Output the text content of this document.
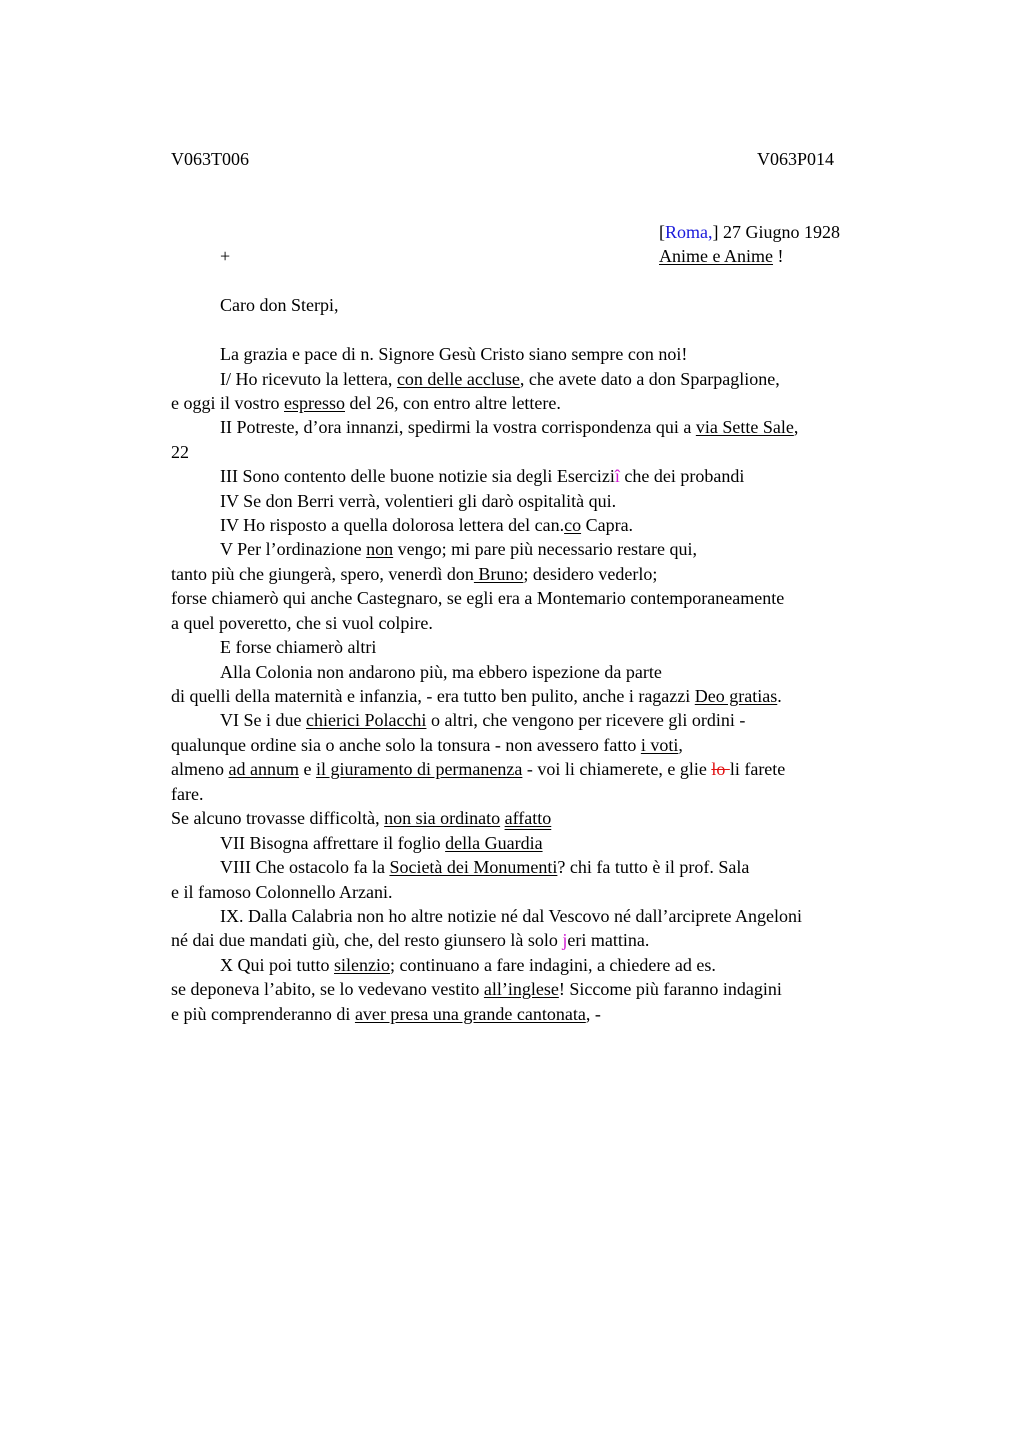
V063T006	V063P014
[Roma,] 27 Giugno 1928
+	Anime e Anime !
Caro don Sterpi,
La grazia e pace di n. Signore Gesù Cristo siano sempre con noi!
I/ Ho ricevuto la lettera, con delle accluse, che avete dato a don Sparpaglione,
e oggi il vostro espresso del 26, con entro altre lettere.
II Potreste, d’ora innanzi, spedirmi la vostra corrispondenza qui a via Sette Sale,
22
III Sono contento delle buone notizie sia degli Eserciziî che dei probandi
IV Se don Berri verrà, volentieri gli darò ospitalità qui.
IV Ho risposto a quella dolorosa lettera del can.co Capra.
V Per l’ordinazione non vengo; mi pare più necessario restare qui,
tanto più che giungerà, spero, venerdì don Bruno; desidero vederlo;
forse chiamerò qui anche Castegnaro, se egli era a Montemario contemporaneamente
a quel poveretto, che si vuol colpire.
E forse chiamerò altri
Alla Colonia non andarono più, ma ebbero ispezione da parte
di quelli della maternità e infanzia, - era tutto ben pulito, anche i ragazzi Deo gratias.
VI Se i due chierici Polacchi o altri, che vengono per ricevere gli ordini -
qualunque ordine sia o anche solo la tonsura - non avessero fatto i voti,
almeno ad annum e il giuramento di permanenza - voi li chiamerete, e glie lo li farete
fare.
Se alcuno trovasse difficoltà, non sia ordinato affatto
VII Bisogna affrettare il foglio della Guardia
VIII Che ostacolo fa la Società dei Monumenti? chi fa tutto è il prof. Sala
e il famoso Colonnello Arzani.
IX. Dalla Calabria non ho altre notizie né dal Vescovo né dall’arciprete Angeloni
né dai due mandati giù, che, del resto giunsero là solo jeri mattina.
X Qui poi tutto silenzio; continuano a fare indagini, a chiedere ad es.
se deponeva l’abito, se lo vedevano vestito all’inglese! Siccome più faranno indagini
e più comprenderanno di aver presa una grande cantonata, -
